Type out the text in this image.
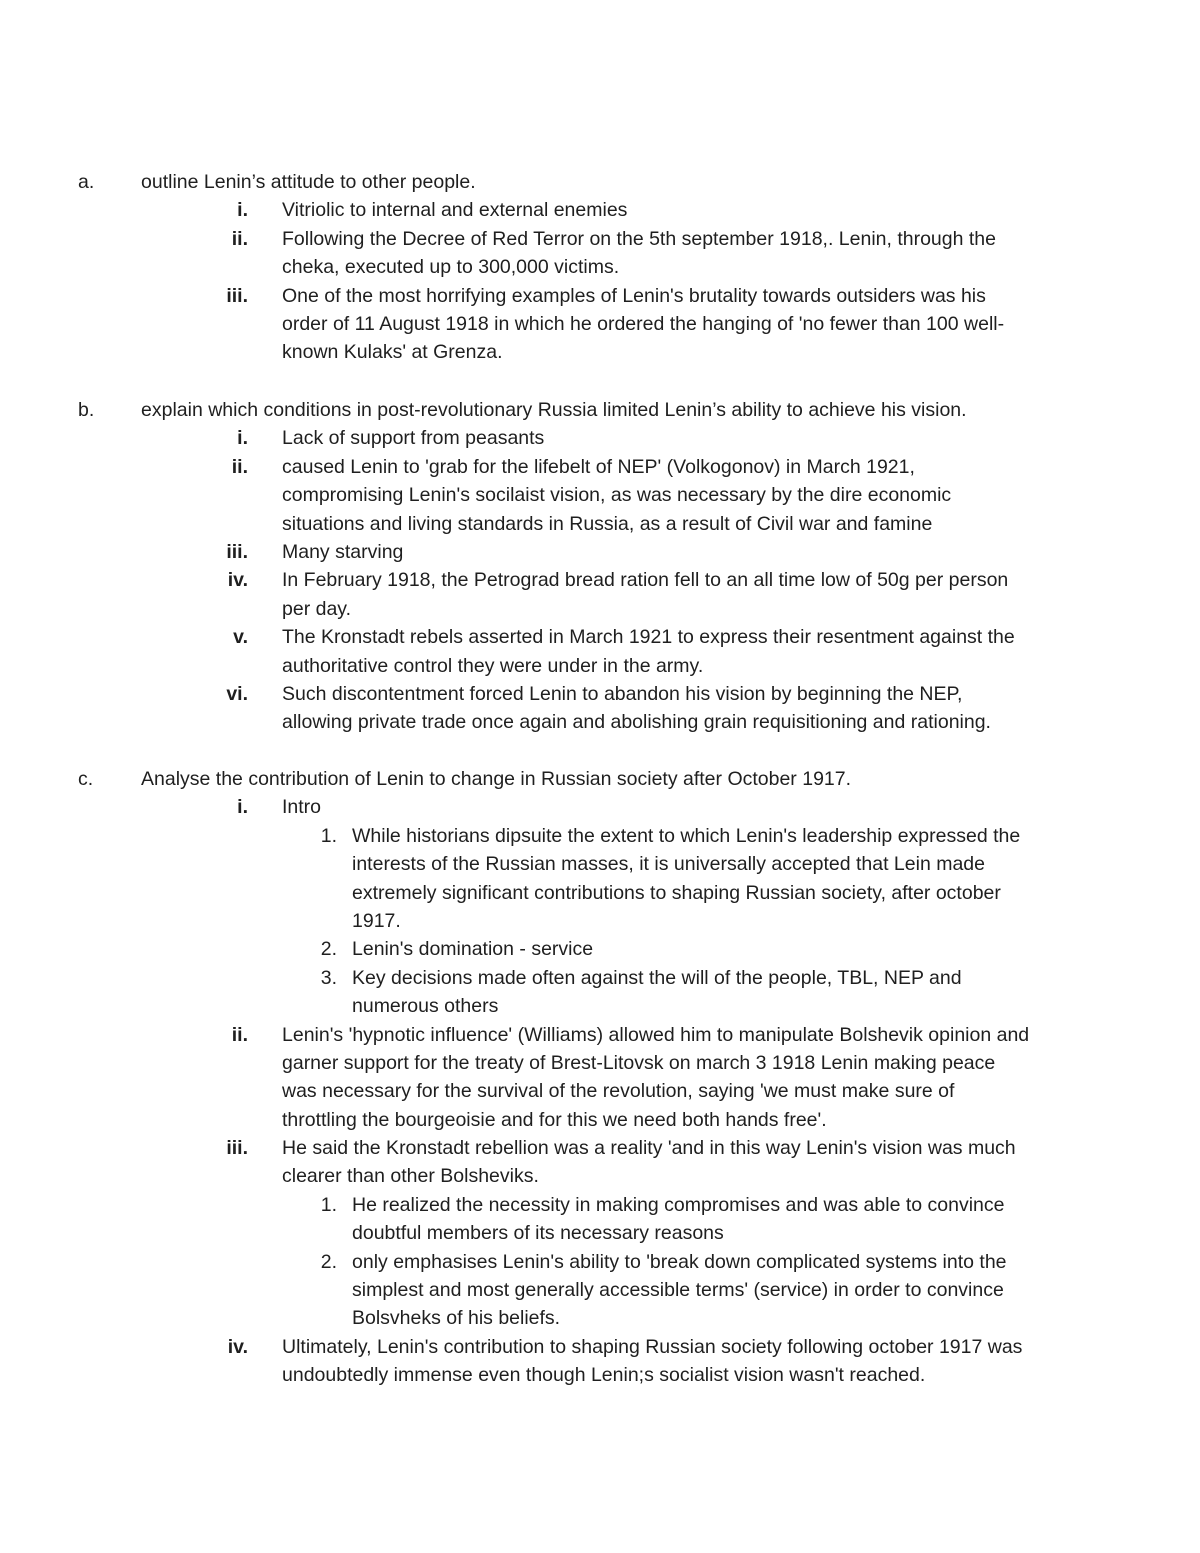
a.	outline Lenin’s attitude to other people.
i. Vitriolic to internal and external enemies
ii. Following the Decree of Red Terror on the 5th september 1918,. Lenin, through the
cheka, executed up to 300,000 victims.
iii. One of the most horrifying examples of Lenin's brutality towards outsiders was his
order of 11 August 1918 in which he ordered the hanging of 'no fewer than 100 well-
known Kulaks' at Grenza.
b.	explain which conditions in post-revolutionary Russia limited Lenin’s ability to achieve his vision.
i. Lack of support from peasants
ii. caused Lenin to 'grab for the lifebelt of NEP' (Volkogonov) in March 1921,
compromising Lenin's socilaist vision, as was necessary by the dire economic
situations and living standards in Russia, as a result of Civil war and famine
iii. Many starving
iv. In February 1918, the Petrograd bread ration fell to an all time low of 50g per person
per day.
v. The Kronstadt rebels asserted in March 1921 to express their resentment against the
authoritative control they were under in the army.
vi. Such discontentment forced Lenin to abandon his vision by beginning the NEP,
allowing private trade once again and abolishing grain requisitioning and rationing.
c.	Analyse the contribution of Lenin to change in Russian society after October 1917.
i. Intro
1. While historians dipsuite the extent to which Lenin's leadership expressed the
interests of the Russian masses, it is universally accepted that Lein made
extremely significant contributions to shaping Russian society, after october
1917.
2. Lenin's domination - service
3. Key decisions made often against the will of the people, TBL, NEP and
numerous others
ii. Lenin's 'hypnotic influence' (Williams) allowed him to manipulate Bolshevik opinion and
garner support for the treaty of Brest-Litovsk on march 3 1918 Lenin making peace
was necessary for the survival of the revolution, saying 'we must make sure of
throttling the bourgeoisie and for this we need both hands free'.
iii. He said the Kronstadt rebellion was a reality 'and in this way Lenin's vision was much
clearer than other Bolsheviks.
1. He realized the necessity in making compromises and was able to convince
doubtful members of its necessary reasons
2. only emphasises Lenin's ability to 'break down complicated systems into the
simplest and most generally accessible terms' (service) in order to convince
Bolsvheks of his beliefs.
iv. Ultimately, Lenin's contribution to shaping Russian society following october 1917 was
undoubtedly immense even though Lenin;s socialist vision wasn't reached.
